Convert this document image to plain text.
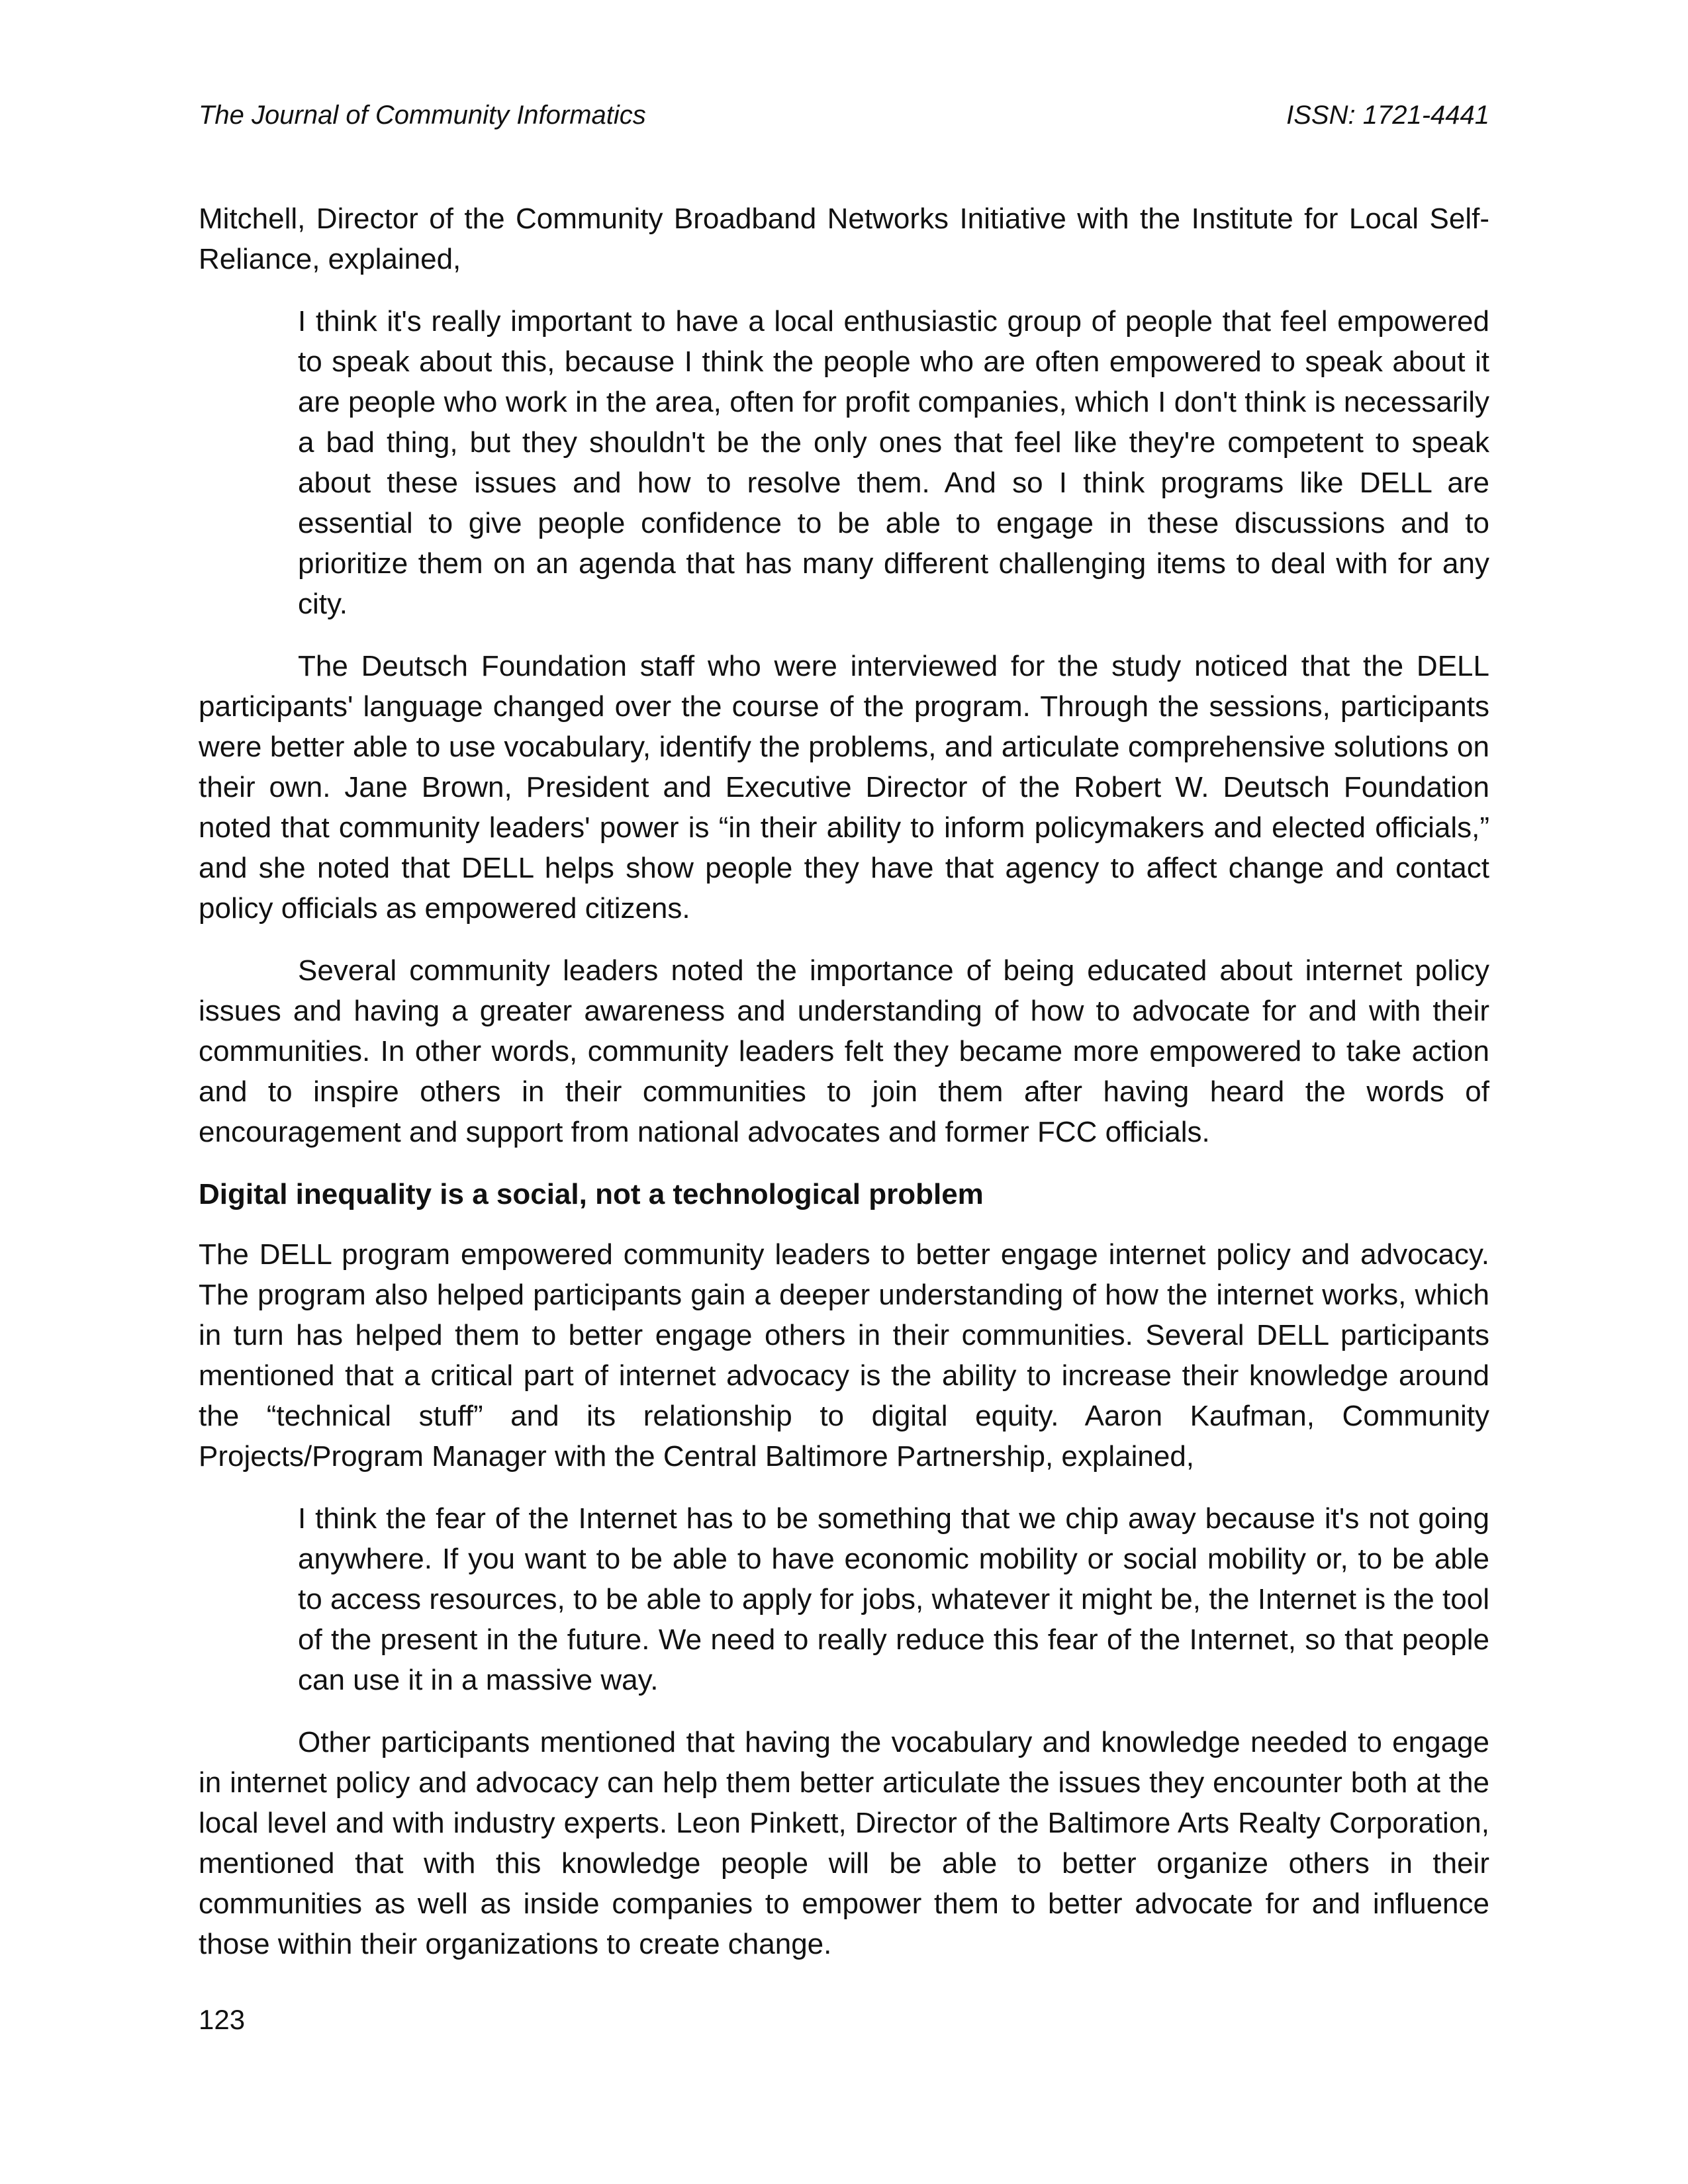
The Journal of Community Informatics	ISSN: 1721-4441

Mitchell, Director of the Community Broadband Networks Initiative with the Institute for Local Self-Reliance, explained,

I think it's really important to have a local enthusiastic group of people that feel empowered to speak about this, because I think the people who are often empowered to speak about it are people who work in the area, often for profit companies, which I don't think is necessarily a bad thing, but they shouldn't be the only ones that feel like they're competent to speak about these issues and how to resolve them. And so I think programs like DELL are essential to give people confidence to be able to engage in these discussions and to prioritize them on an agenda that has many different challenging items to deal with for any city.

The Deutsch Foundation staff who were interviewed for the study noticed that the DELL participants' language changed over the course of the program. Through the sessions, participants were better able to use vocabulary, identify the problems, and articulate comprehensive solutions on their own. Jane Brown, President and Executive Director of the Robert W. Deutsch Foundation noted that community leaders' power is “in their ability to inform policymakers and elected officials,” and she noted that DELL helps show people they have that agency to affect change and contact policy officials as empowered citizens.

Several community leaders noted the importance of being educated about internet policy issues and having a greater awareness and understanding of how to advocate for and with their communities. In other words, community leaders felt they became more empowered to take action and to inspire others in their communities to join them after having heard the words of encouragement and support from national advocates and former FCC officials.

Digital inequality is a social, not a technological problem

The DELL program empowered community leaders to better engage internet policy and advocacy. The program also helped participants gain a deeper understanding of how the internet works, which in turn has helped them to better engage others in their communities. Several DELL participants mentioned that a critical part of internet advocacy is the ability to increase their knowledge around the “technical stuff” and its relationship to digital equity. Aaron Kaufman, Community Projects/Program Manager with the Central Baltimore Partnership, explained,

I think the fear of the Internet has to be something that we chip away because it's not going anywhere. If you want to be able to have economic mobility or social mobility or, to be able to access resources, to be able to apply for jobs, whatever it might be, the Internet is the tool of the present in the future. We need to really reduce this fear of the Internet, so that people can use it in a massive way.

Other participants mentioned that having the vocabulary and knowledge needed to engage in internet policy and advocacy can help them better articulate the issues they encounter both at the local level and with industry experts. Leon Pinkett, Director of the Baltimore Arts Realty Corporation, mentioned that with this knowledge people will be able to better organize others in their communities as well as inside companies to empower them to better advocate for and influence those within their organizations to create change.

123
